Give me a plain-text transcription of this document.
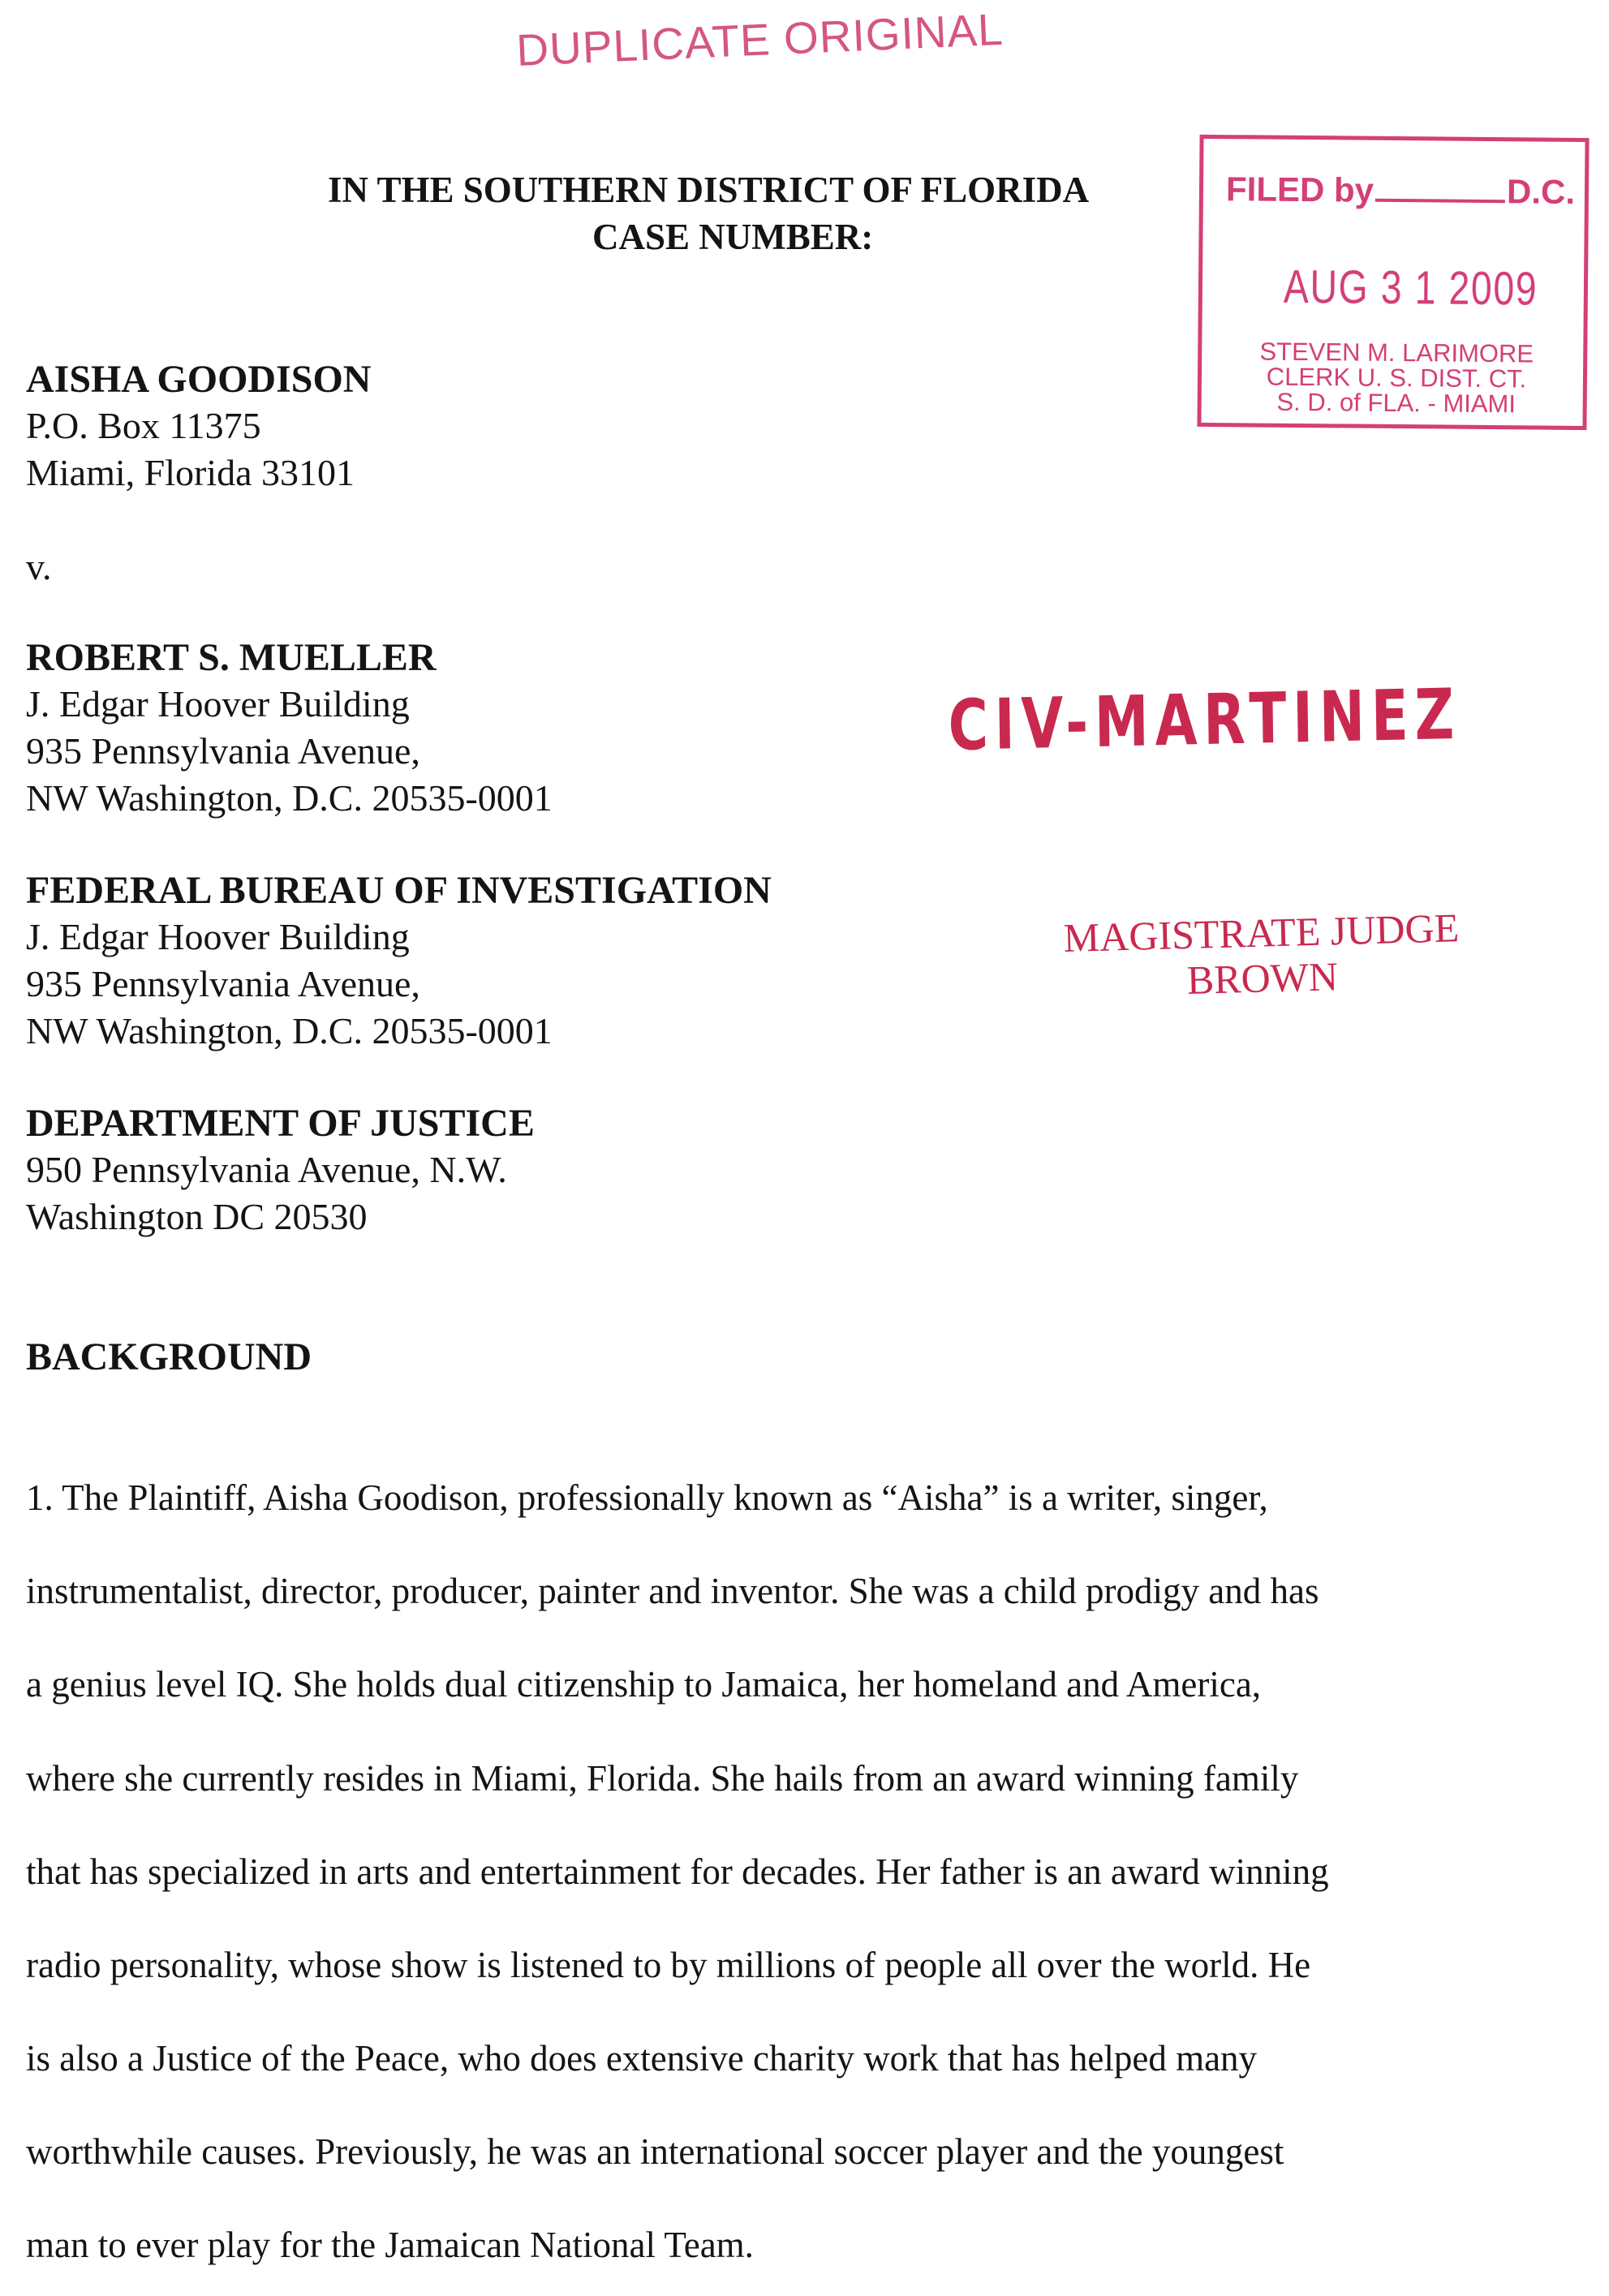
DUPLICATE ORIGINAL
FILED by	D.C.
AUG 3 1 2009
STEVEN M. LARIMORE
CLERK U. S. DIST. CT.
S. D. of FLA. - MIAMI
CIV-MARTINEZ
MAGISTRATE JUDGE
BROWN
IN THE SOUTHERN DISTRICT OF FLORIDA
CASE NUMBER:
AISHA GOODISON
P.O. Box 11375
Miami, Florida 33101
v.
ROBERT S. MUELLER
J. Edgar Hoover Building
935 Pennsylvania Avenue,
NW Washington, D.C. 20535-0001
FEDERAL BUREAU OF INVESTIGATION
J. Edgar Hoover Building
935 Pennsylvania Avenue,
NW Washington, D.C. 20535-0001
DEPARTMENT OF JUSTICE
950 Pennsylvania Avenue, N.W.
Washington DC 20530
BACKGROUND
1. The Plaintiff, Aisha Goodison, professionally known as “Aisha” is a writer, singer,
instrumentalist, director, producer, painter and inventor. She was a child prodigy and has
a genius level IQ. She holds dual citizenship to Jamaica, her homeland and America,
where she currently resides in Miami, Florida. She hails from an award winning family
that has specialized in arts and entertainment for decades. Her father is an award winning
radio personality, whose show is listened to by millions of people all over the world. He
is also a Justice of the Peace, who does extensive charity work that has helped many
worthwhile causes. Previously, he was an international soccer player and the youngest
man to ever play for the Jamaican National Team.
